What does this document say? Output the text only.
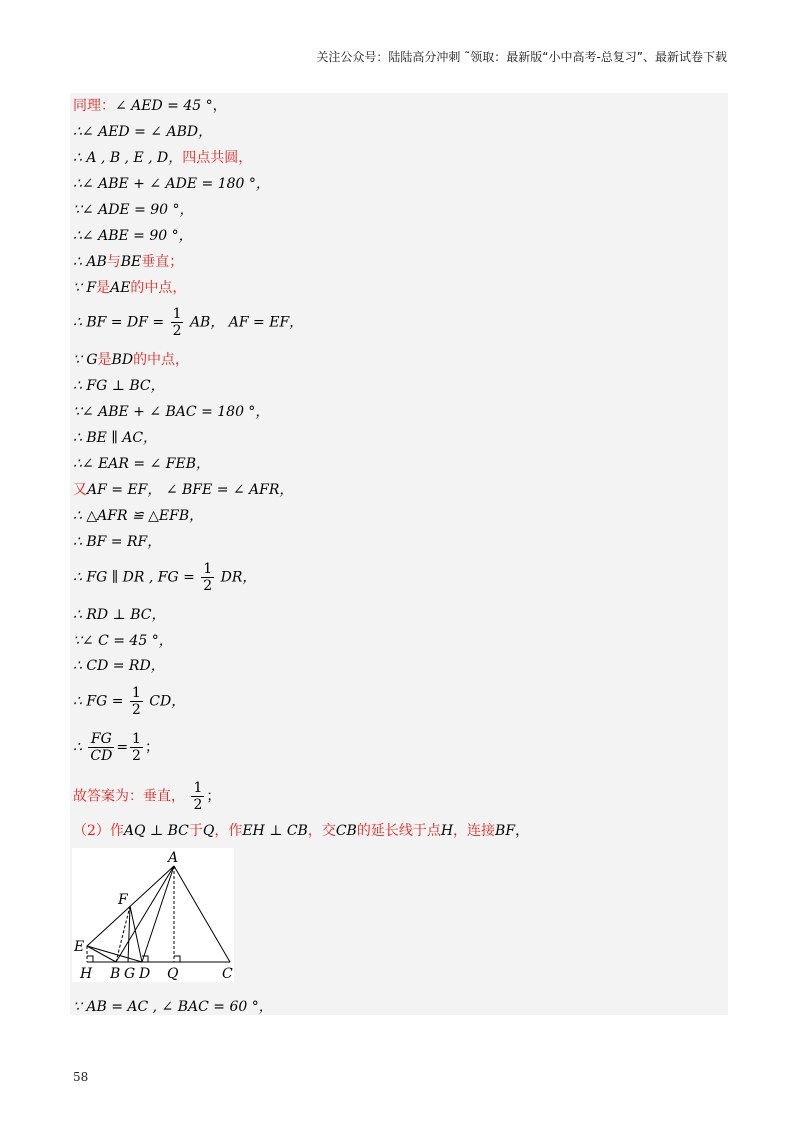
关注公众号：陆陆高分冲刺 ˜领取：最新版“小中高考-总复习”、最新试卷下载
同理：∠ AED = 45 °，
∴∠ AED = ∠ ABD，
∴ A , B , E , D，四点共圆，
∴∠ ABE + ∠ ADE = 180 °，
∵∠ ADE = 90 °，
∴∠ ABE = 90 °，
∴ AB与BE垂直；
∵ F是AE的中点，
∴ BF = DF = $\frac{1}{2}$ AB， AF = EF，
∵ G是BD的中点，
∴ FG ⊥ BC，
∵∠ ABE + ∠ BAC = 180 °，
∴ BE ∥ AC，
∴∠ EAR = ∠ FEB，
又AF = EF， ∠ BFE = ∠ AFR，
∴ △AFR ≌ △EFB，
∴ BF = RF，
∴ FG ∥ DR , FG = $\frac{1}{2}$ DR，
∴ RD ⊥ BC，
∵∠ C = 45 °，
∴ CD = RD，
∴ FG = $\frac{1}{2}$ CD，
∴ $\frac{FG}{CD} = \frac{1}{2}$ ；
故答案为：垂直， $\frac{1}{2}$ ；
（2）作AQ ⊥ BC于Q，作EH ⊥ CB，交CB的延长线于点H，连接BF，
A
F
E
H B G D Q	C
∵ AB = AC , ∠ BAC = 60 °，
58
